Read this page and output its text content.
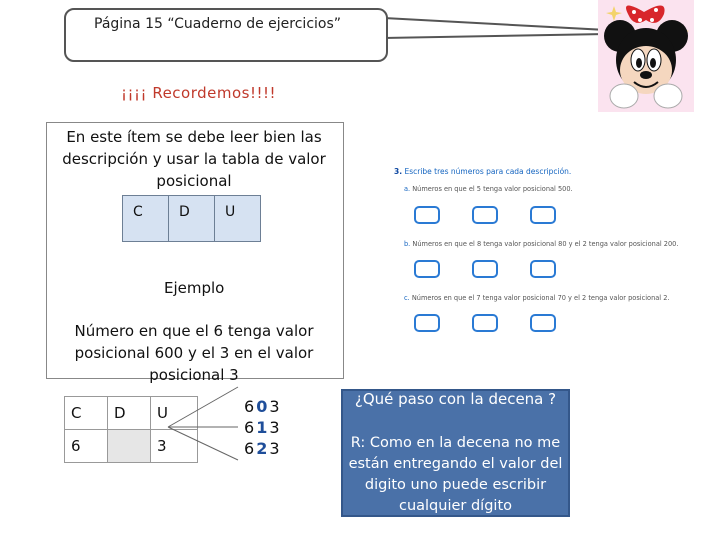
Página 15 “Cuaderno de ejercicios”
¡¡¡¡ Recordemos!!!!
En este ítem se debe leer bien las descripción y usar la tabla de valor posicional
C	D	U
Ejemplo
Número en que el 6 tenga valor posicional 600 y el 3 en el valor posicional 3
C	D	U
6		3
603
613
623
3. Escribe tres números para cada descripción.
a. Números en que el 5 tenga valor posicional 500.
b. Números en que el 8 tenga valor posicional 80 y el 2 tenga valor posicional 200.
c. Números en que el 7 tenga valor posicional 70 y el 2 tenga valor posicional 2.
¿Qué paso con la decena ?
R: Como en la decena no me están entregando el valor del digito uno puede escribir cualquier dígito
